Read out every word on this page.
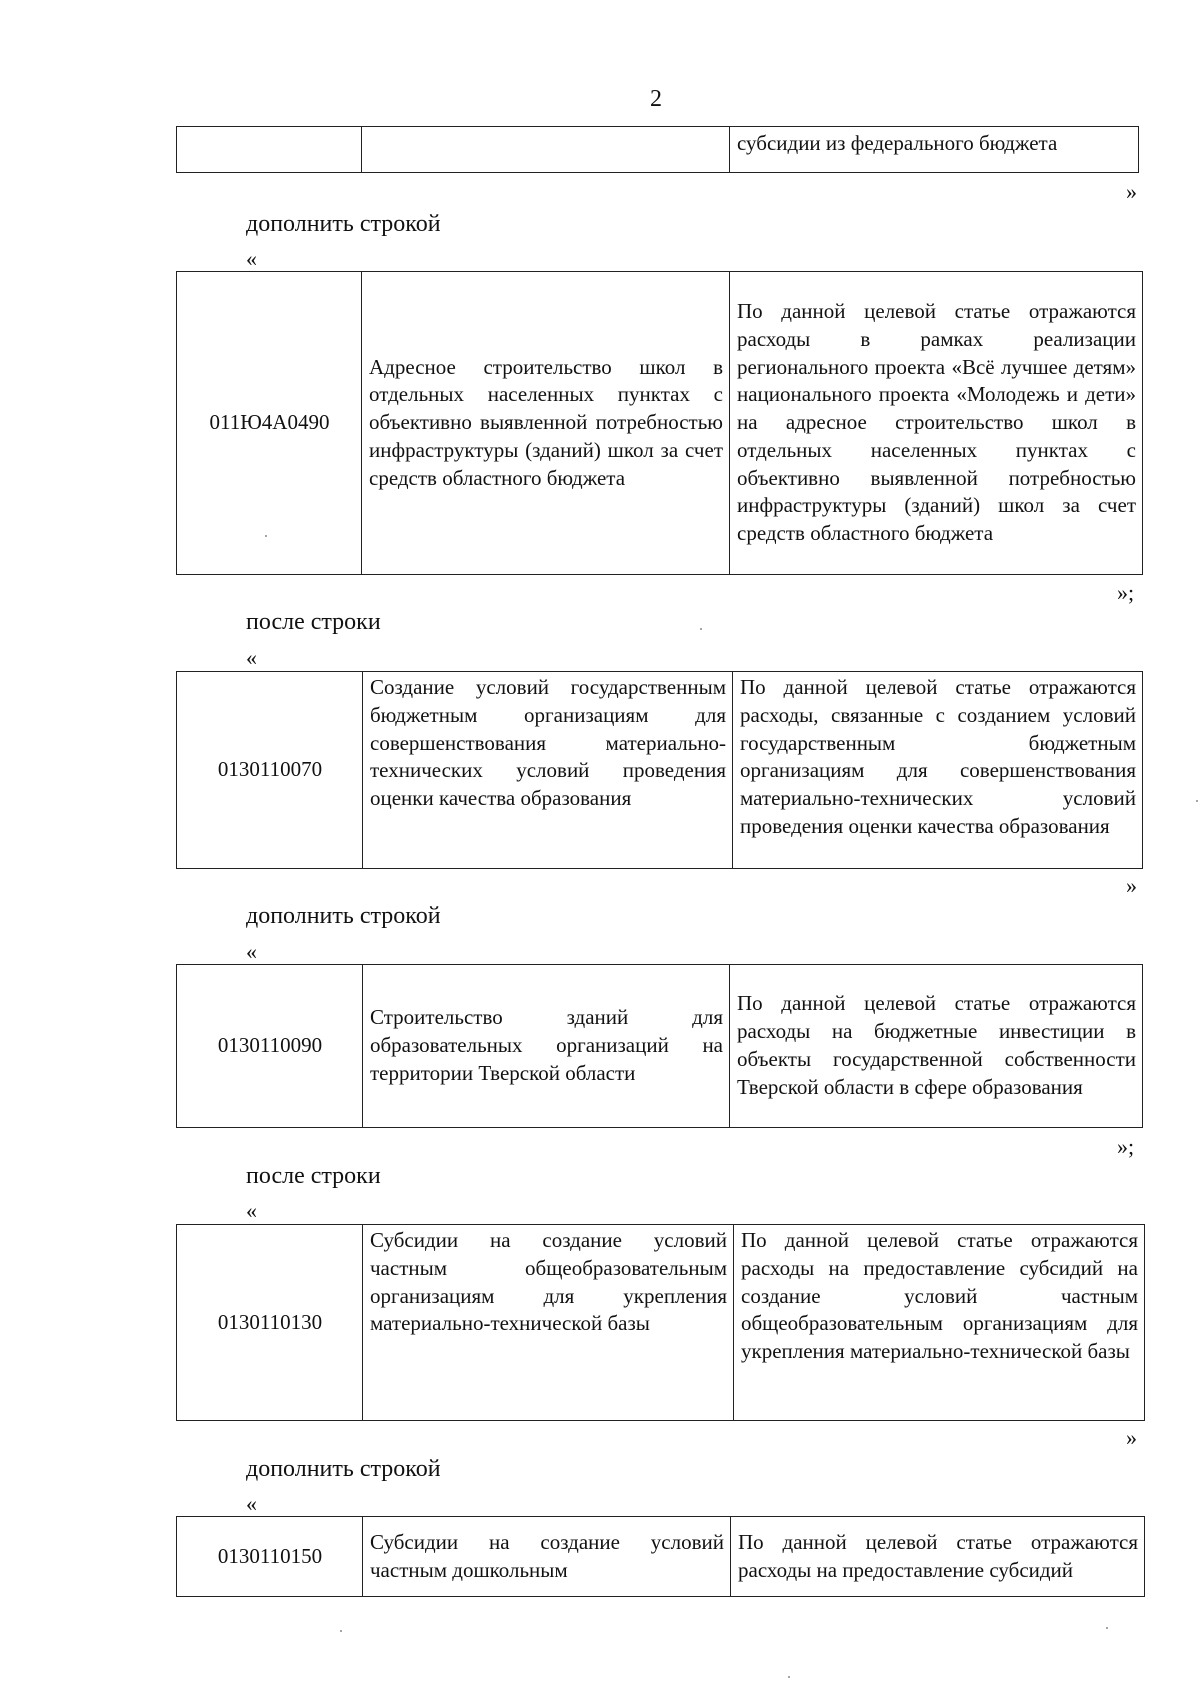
2
		субсидии из федерального бюджета
»
дополнить строкой
«
011Ю4А0490	Адресное строительство школ в отдельных населенных пунктах с объективно выявленной потребностью инфраструктуры (зданий) школ за счет средств областного бюджета	По данной целевой статье отражаются расходы в рамках реализации регионального проекта «Всё лучшее детям» национального проекта «Молодежь и дети» на адресное строительство школ в отдельных населенных пунктах с объективно выявленной потребностью инфраструктуры (зданий) школ за счет средств областного бюджета
»;
после строки
«
0130110070	Создание условий государственным бюджетным организациям для совершенствования материально-технических условий проведения оценки качества образования	По данной целевой статье отражаются расходы, связанные с созданием условий государственным бюджетным организациям для совершенствования материально-технических условий проведения оценки качества образования
»
дополнить строкой
«
0130110090	Строительство зданий для образовательных организаций на территории Тверской области	По данной целевой статье отражаются расходы на бюджетные инвестиции в объекты государственной собственности Тверской области в сфере образования
»;
после строки
«
0130110130	Субсидии на создание условий частным общеобразовательным организациям для укрепления материально-технической базы	По данной целевой статье отражаются расходы на предоставление субсидий на создание условий частным общеобразовательным организациям для укрепления материально-технической базы
»
дополнить строкой
«
0130110150	Субсидии на создание условий частным дошкольным	По данной целевой статье отражаются расходы на предоставление субсидий
